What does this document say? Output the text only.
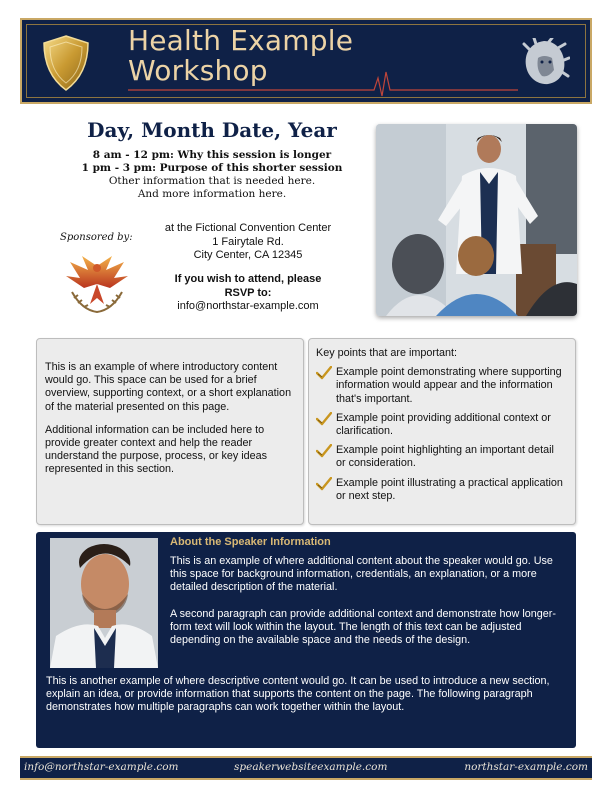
Health Example
Workshop
Day, Month Date, Year
8 am - 12 pm: Why this session is longer
1 pm - 3 pm: Purpose of this shorter session
Other information that is needed here.
And more information here.
Sponsored by:
at the Fictional Convention Center
1 Fairytale Rd.
City Center, CA 12345
If you wish to attend, please
RSVP to:
info@northstar-example.com

This is an example of where introductory content would go. This space can be used for a brief overview, supporting context, or a short explanation of the material presented on this page.

Additional information can be included here to provide greater context and help the reader understand the purpose, process, or key ideas represented in this section.

Key points that are important:
Example point demonstrating where supporting information would appear and the information that's important.
Example point providing additional context or clarification.
Example point highlighting an important detail or consideration.
Example point illustrating a practical application or next step.
About the Speaker Information

This is an example of where additional content about the speaker would go. Use this space for background information, credentials, an explanation, or a more detailed description of the material.

A second paragraph can provide additional context and demonstrate how longer-form text will look within the layout. The length of this text can be adjusted depending on the available space and the needs of the design.

This is another example of where descriptive content would go. It can be used to introduce a new section, explain an idea, or provide information that supports the content on the page. The following paragraph demonstrates how multiple paragraphs can work together within the layout.
info@northstar-example.com	speakerwebsiteexample.com	northstar-example.com
